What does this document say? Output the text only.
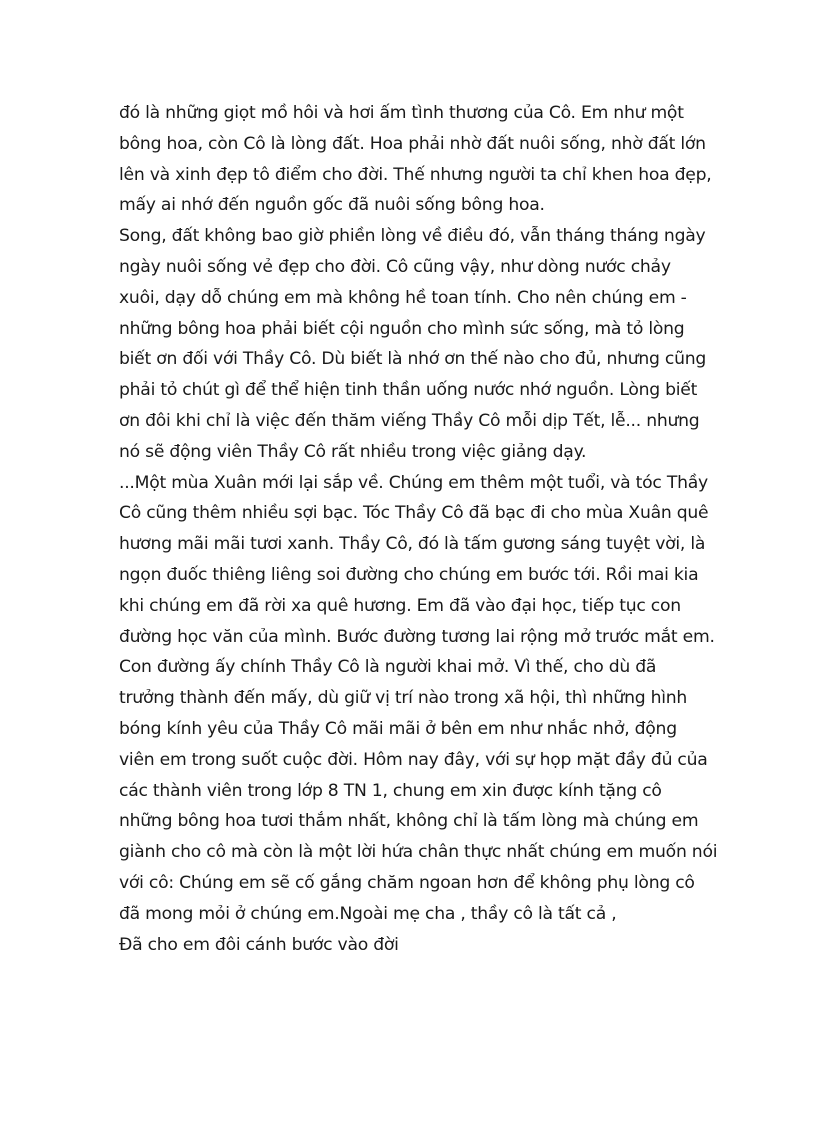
đó là những giọt mồ hôi và hơi ấm tình thương của Cô. Em như một
bông hoa, còn Cô là lòng đất. Hoa phải nhờ đất nuôi sống, nhờ đất lớn
lên và xinh đẹp tô điểm cho đời. Thế nhưng người ta chỉ khen hoa đẹp,
mấy ai nhớ đến nguồn gốc đã nuôi sống bông hoa.
Song, đất không bao giờ phiền lòng về điều đó, vẫn tháng tháng ngày
ngày nuôi sống vẻ đẹp cho đời. Cô cũng vậy, như dòng nước chảy
xuôi, dạy dỗ chúng em mà không hề toan tính. Cho nên chúng em -
những bông hoa phải biết cội nguồn cho mình sức sống, mà tỏ lòng
biết ơn đối với Thầy Cô. Dù biết là nhớ ơn thế nào cho đủ, nhưng cũng
phải tỏ chút gì để thể hiện tinh thần uống nước nhớ nguồn. Lòng biết
ơn đôi khi chỉ là việc đến thăm viếng Thầy Cô mỗi dịp Tết, lễ... nhưng
nó sẽ động viên Thầy Cô rất nhiều trong việc giảng dạy.
...Một mùa Xuân mới lại sắp về. Chúng em thêm một tuổi, và tóc Thầy
Cô cũng thêm nhiều sợi bạc. Tóc Thầy Cô đã bạc đi cho mùa Xuân quê
hương mãi mãi tươi xanh. Thầy Cô, đó là tấm gương sáng tuyệt vời, là
ngọn đuốc thiêng liêng soi đường cho chúng em bước tới. Rồi mai kia
khi chúng em đã rời xa quê hương. Em đã vào đại học, tiếp tục con
đường học văn của mình. Bước đường tương lai rộng mở trước mắt em.
Con đường ấy chính Thầy Cô là người khai mở. Vì thế, cho dù đã
trưởng thành đến mấy, dù giữ vị trí nào trong xã hội, thì những hình
bóng kính yêu của Thầy Cô mãi mãi ở bên em như nhắc nhở, động
viên em trong suốt cuộc đời. Hôm nay đây, với sự họp mặt đầy đủ của
các thành viên trong lớp 8 TN 1, chung em xin được kính tặng cô
những bông hoa tươi thắm nhất, không chỉ là tấm lòng mà chúng em
giành cho cô mà còn là một lời hứa chân thực nhất chúng em muốn nói
với cô: Chúng em sẽ cố gắng chăm ngoan hơn để không phụ lòng cô
đã mong mỏi ở chúng em.Ngoài mẹ cha , thầy cô là tất cả ,
Đã cho em đôi cánh bước vào đời
